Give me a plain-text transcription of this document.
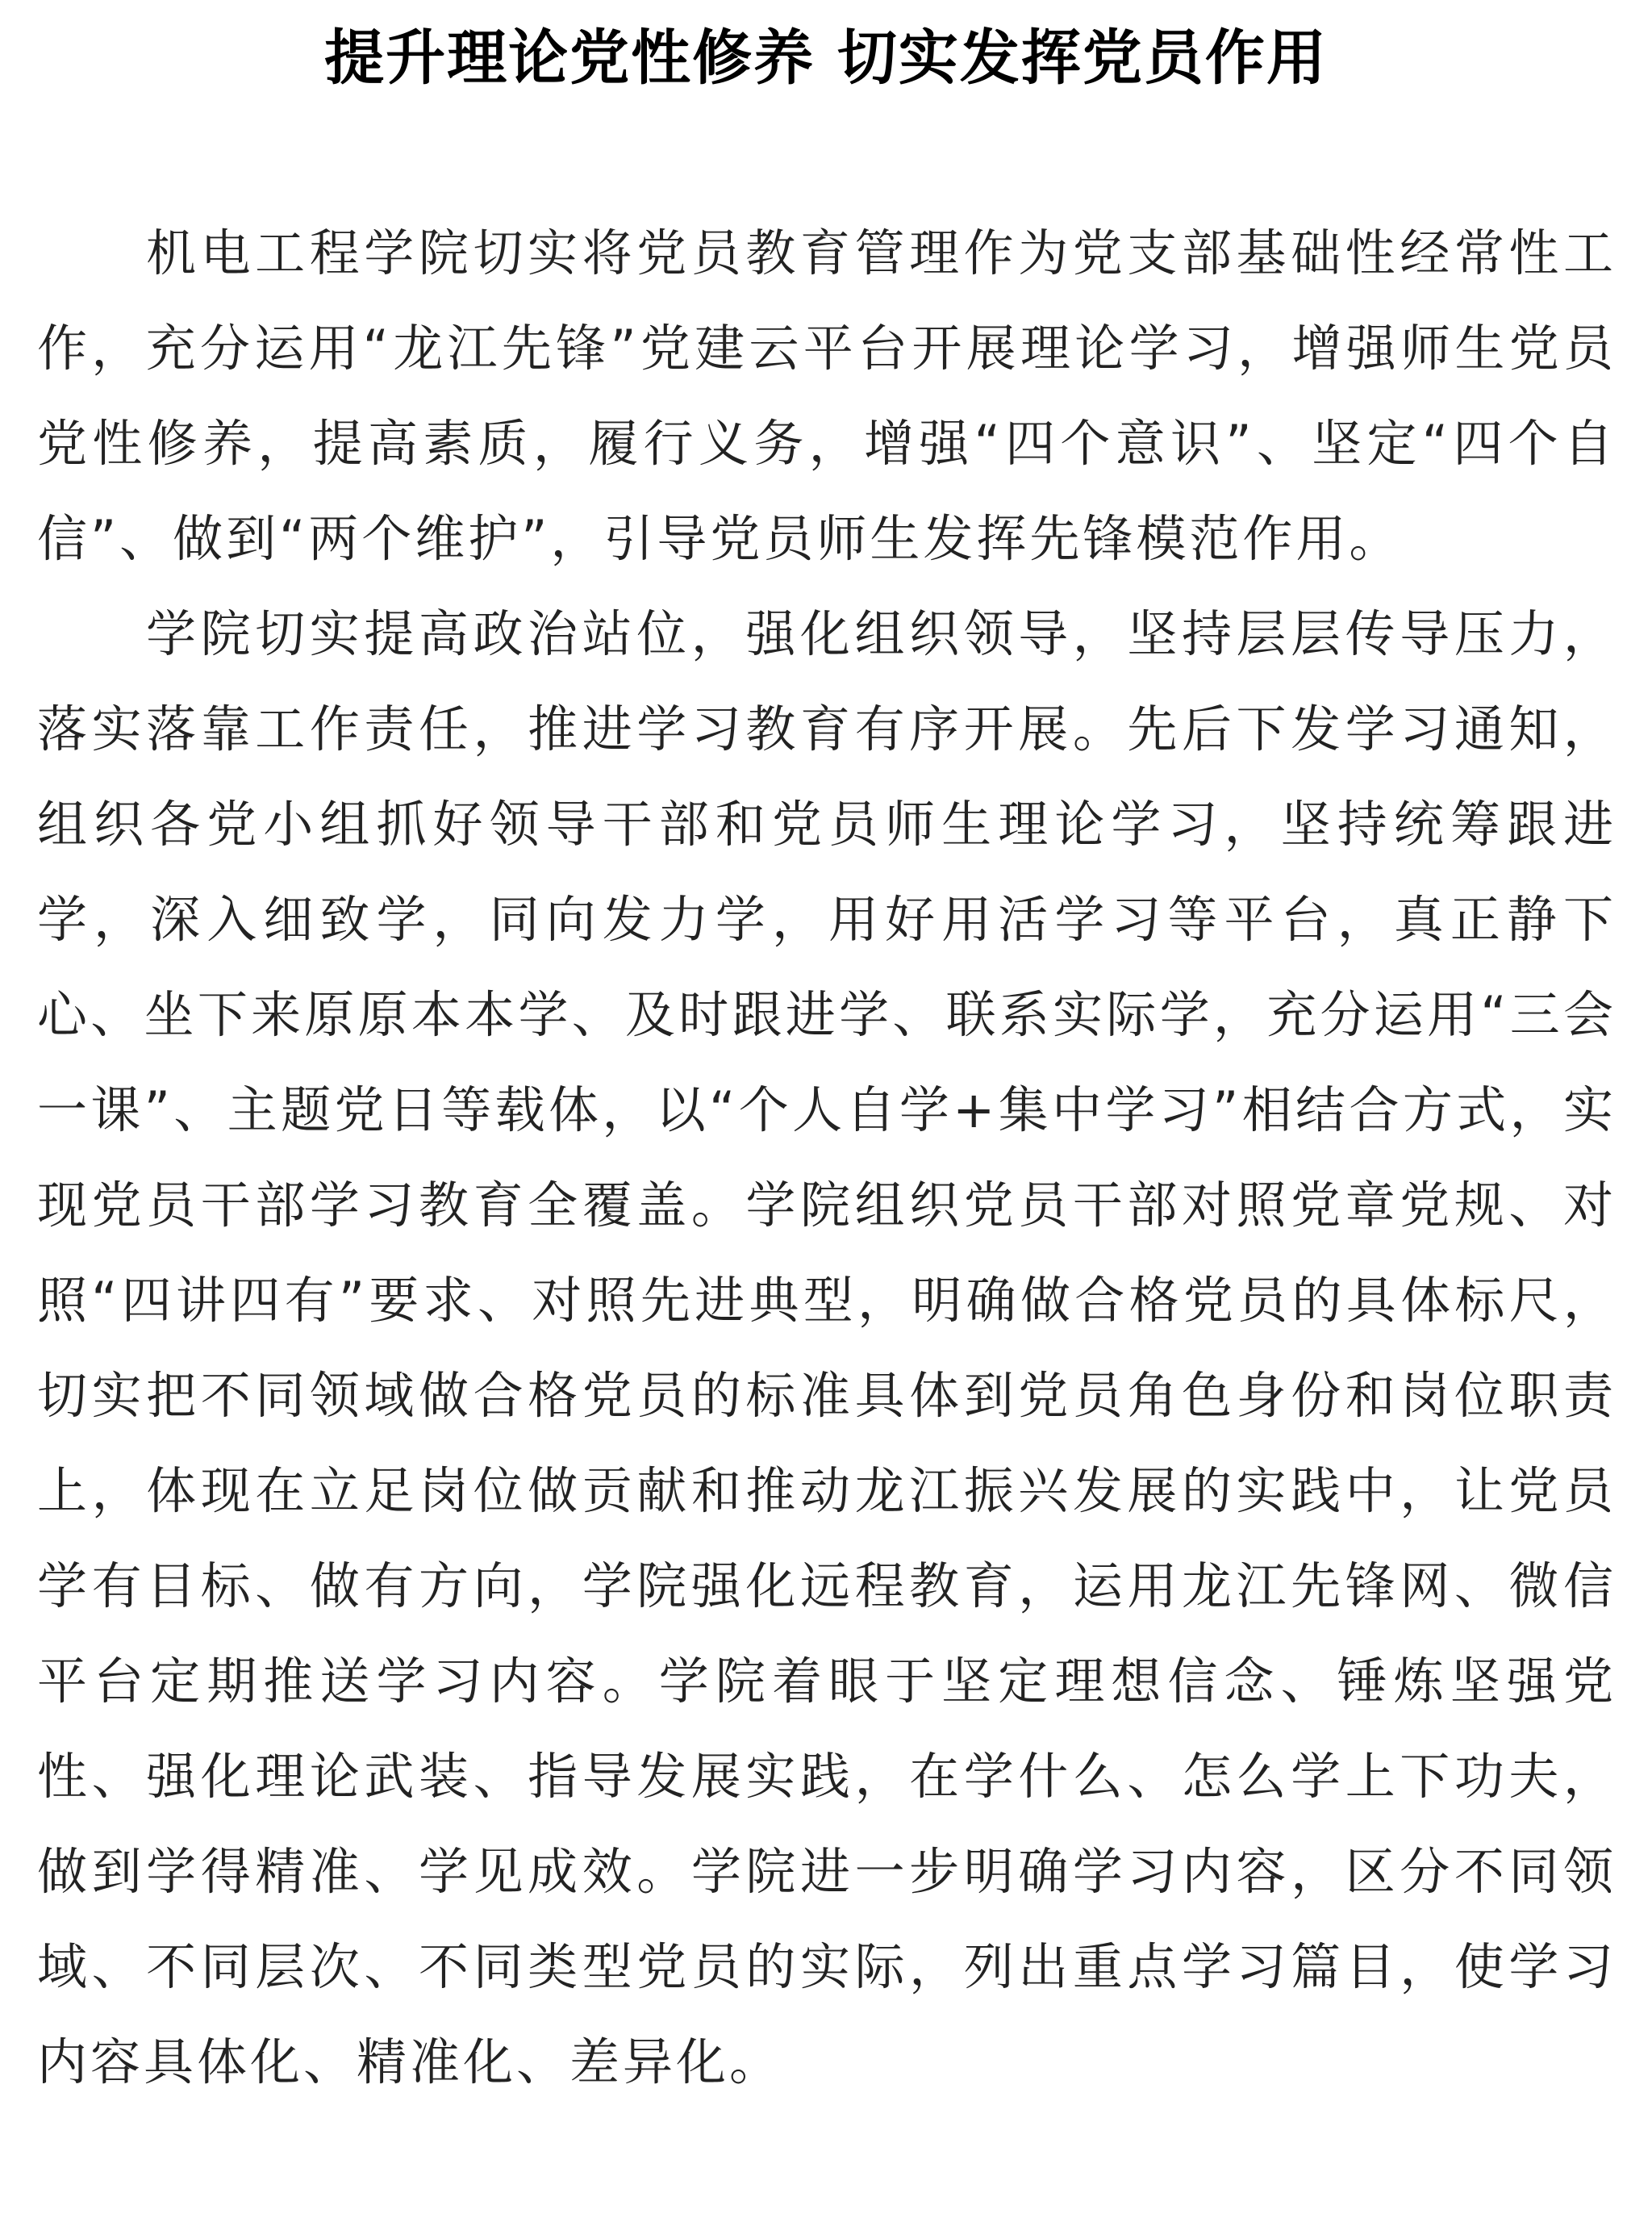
提升理论党性修养 切实发挥党员作用

机电工程学院切实将党员教育管理作为党支部基础性经常性工作，充分运用“龙江先锋”党建云平台开展理论学习，增强师生党员党性修养，提高素质，履行义务，增强“四个意识”、坚定“四个自信”、做到“两个维护”，引导党员师生发挥先锋模范作用。

学院切实提高政治站位，强化组织领导，坚持层层传导压力，落实落靠工作责任，推进学习教育有序开展。先后下发学习通知，组织各党小组抓好领导干部和党员师生理论学习，坚持统筹跟进学，深入细致学，同向发力学，用好用活学习等平台，真正静下心、坐下来原原本本学、及时跟进学、联系实际学，充分运用“三会一课”、主题党日等载体，以“个人自学+集中学习”相结合方式，实现党员干部学习教育全覆盖。学院组织党员干部对照党章党规、对照“四讲四有”要求、对照先进典型，明确做合格党员的具体标尺，切实把不同领域做合格党员的标准具体到党员角色身份和岗位职责上，体现在立足岗位做贡献和推动龙江振兴发展的实践中，让党员学有目标、做有方向，学院强化远程教育，运用龙江先锋网、微信平台定期推送学习内容。学院着眼于坚定理想信念、锤炼坚强党性、强化理论武装、指导发展实践，在学什么、怎么学上下功夫，做到学得精准、学见成效。学院进一步明确学习内容，区分不同领域、不同层次、不同类型党员的实际，列出重点学习篇目，使学习内容具体化、精准化、差异化。
